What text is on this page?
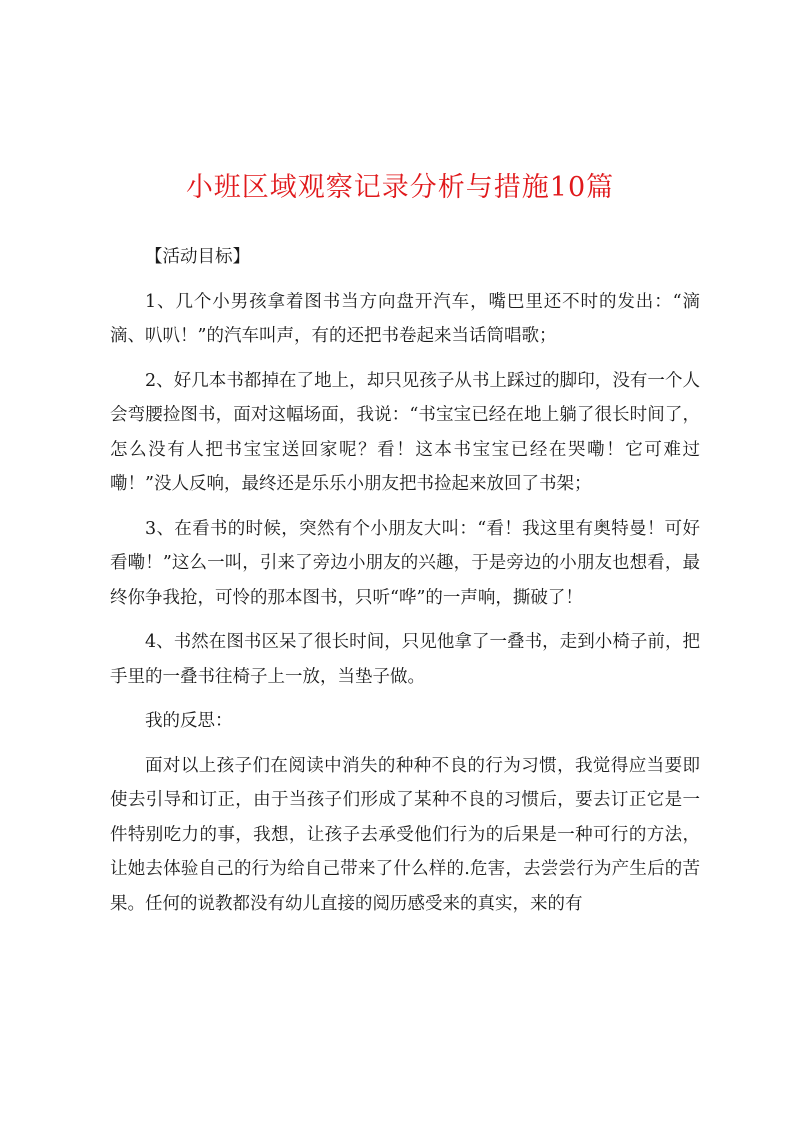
小班区域观察记录分析与措施10篇

【活动目标】

1、几个小男孩拿着图书当方向盘开汽车，嘴巴里还不时的发出：“滴滴、叭叭！”的汽车叫声，有的还把书卷起来当话筒唱歌；

2、好几本书都掉在了地上，却只见孩子从书上踩过的脚印，没有一个人会弯腰捡图书，面对这幅场面，我说：“书宝宝已经在地上躺了很长时间了，怎么没有人把书宝宝送回家呢？看！这本书宝宝已经在哭嘞！它可难过嘞！”没人反响，最终还是乐乐小朋友把书捡起来放回了书架；

3、在看书的时候，突然有个小朋友大叫：“看！我这里有奥特曼！可好看嘞！”这么一叫，引来了旁边小朋友的兴趣，于是旁边的小朋友也想看，最终你争我抢，可怜的那本图书，只听“哗”的一声响，撕破了！

4、书然在图书区呆了很长时间，只见他拿了一叠书，走到小椅子前，把手里的一叠书往椅子上一放，当垫子做。

我的反思：

面对以上孩子们在阅读中消失的种种不良的行为习惯，我觉得应当要即使去引导和订正，由于当孩子们形成了某种不良的习惯后，要去订正它是一件特别吃力的事，我想，让孩子去承受他们行为的后果是一种可行的方法，让她去体验自己的行为给自己带来了什么样的.危害，去尝尝行为产生后的苦果。任何的说教都没有幼儿直接的阅历感受来的真实，来的有
